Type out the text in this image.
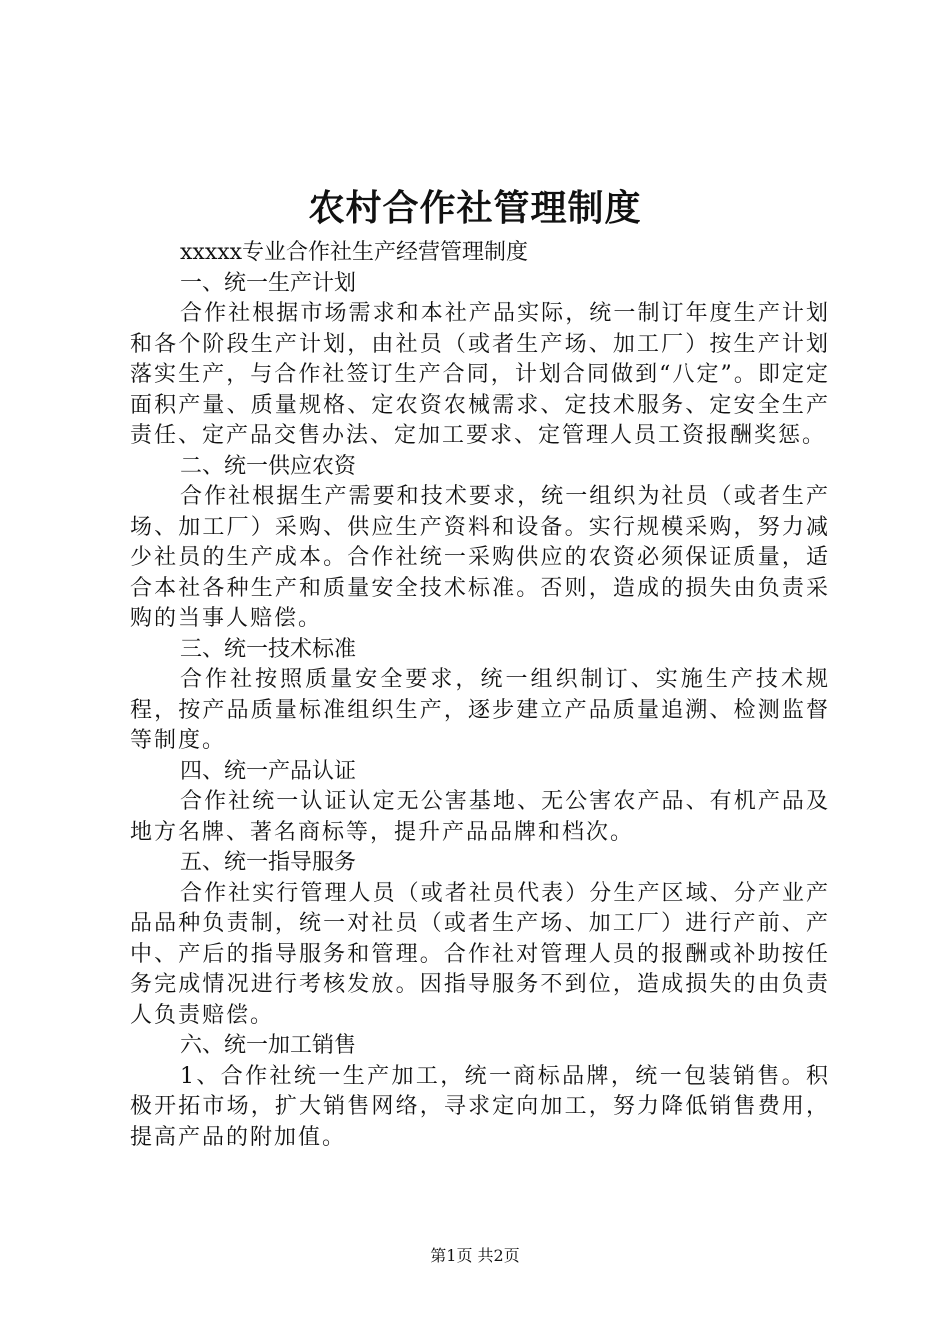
农村合作社管理制度

xxxxx专业合作社生产经营管理制度

一、统一生产计划

合作社根据市场需求和本社产品实际，统一制订年度生产计划和各个阶段生产计划，由社员（或者生产场、加工厂）按生产计划落实生产，与合作社签订生产合同，计划合同做到“八定”。即定定面积产量、质量规格、定农资农械需求、定技术服务、定安全生产责任、定产品交售办法、定加工要求、定管理人员工资报酬奖惩。

二、统一供应农资

合作社根据生产需要和技术要求，统一组织为社员（或者生产场、加工厂）采购、供应生产资料和设备。实行规模采购，努力减少社员的生产成本。合作社统一采购供应的农资必须保证质量，适合本社各种生产和质量安全技术标准。否则，造成的损失由负责采购的当事人赔偿。

三、统一技术标准

合作社按照质量安全要求，统一组织制订、实施生产技术规程，按产品质量标准组织生产，逐步建立产品质量追溯、检测监督等制度。

四、统一产品认证

合作社统一认证认定无公害基地、无公害农产品、有机产品及地方名牌、著名商标等，提升产品品牌和档次。

五、统一指导服务

合作社实行管理人员（或者社员代表）分生产区域、分产业产品品种负责制，统一对社员（或者生产场、加工厂）进行产前、产中、产后的指导服务和管理。合作社对管理人员的报酬或补助按任务完成情况进行考核发放。因指导服务不到位，造成损失的由负责人负责赔偿。

六、统一加工销售

1、合作社统一生产加工，统一商标品牌，统一包装销售。积极开拓市场，扩大销售网络，寻求定向加工，努力降低销售费用，提高产品的附加值。

第1页 共2页
